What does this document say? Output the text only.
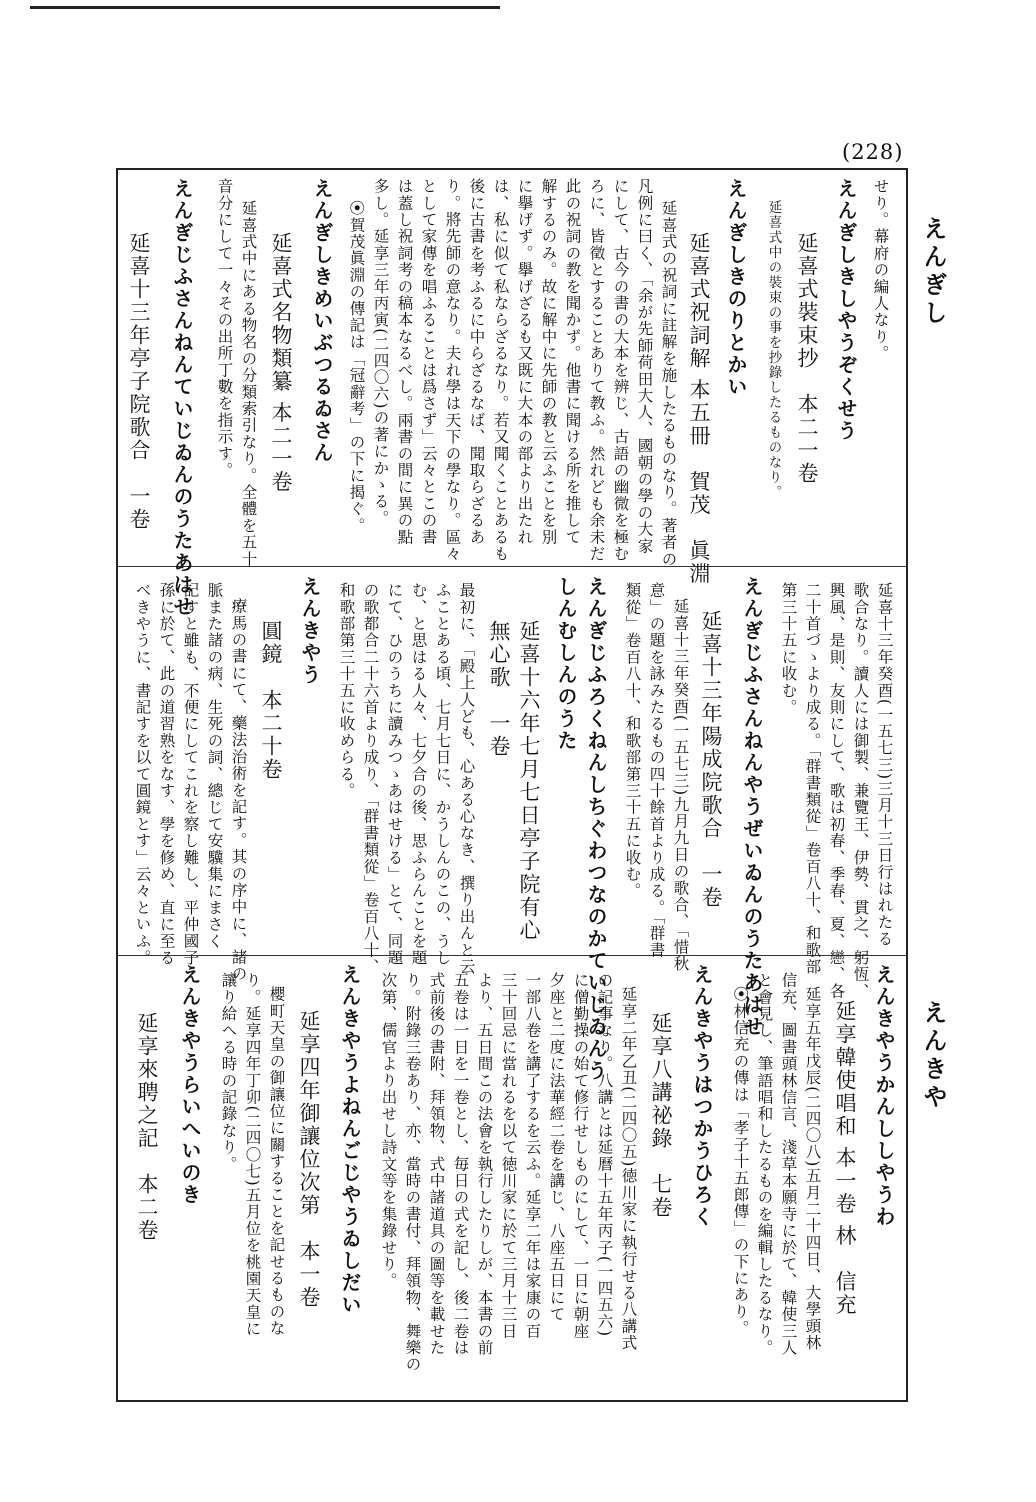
(228)
えんぎし
えんきや
せり。幕府の編人なり。
えんぎしきしやうぞくせう
延喜式裝束抄　本二一卷
延喜式中の裝束の事を抄錄したるものなり。
えんぎしきのりとかい
延喜式祝詞解 本五冊　賀茂　眞淵
延喜式の祝詞に註解を施したるものなり。著者の
凡例に曰く、「余が先師荷田大人、國朝の學の大家
にして、古今の書の大本を辨じ、古語の幽微を極む
ろに、皆徵とすることありて教ふ。然れども余未だ
此の祝詞の教を聞かず。他書に聞ける所を推して
解するのみ。故に解中に先師の教と云ふことを別
に擧げず。擧げざるも又既に大本の部より出たれ
は、私に似て私ならざるなり。若又聞くことあるも
後に古書を考ふるに中らざるなば、聞取らざるあ
り。將先師の意なり。夫れ學は天下の學なり。區々
として家傳を唱ふることは爲さず」云々とこの書
は蓋し祝詞考の稿本なるべし。兩書の間に異の點
多し。延享三年丙寅(二四〇六)の著にかゝる。
⦿賀茂眞淵の傳記は「冠辭考」の下に揭ぐ。
えんぎしきめいぶつるゐさん
延喜式名物類纂 本二一卷
延喜式中にある物名の分類索引なり。全體を五十
音分にして一々その出所丁數を指示す。
えんぎじふさんねんていじゐんのうたあはせ
延喜十三年亭子院歌合　一卷
延喜十三年癸酉(一五七三)三月十三日行はれたる
歌合なり。讀人には御製、兼覽王、伊勢、貫之、躬恆、
興風、是則、友則にして、歌は初春、季春、夏、戀、各
二十首づゝより成る。「群書類從」卷百八十、和歌部
第三十五に收む。
えんぎじふさんねんやうぜいゐんのうたあはせ
延喜十三年陽成院歌合　一卷
延喜十三年癸酉(一五七三)九月九日の歌合、「惜秋
意」の題を詠みたるもの四十餘首より成る。「群書
類從」卷百八十、和歌部第三十五に收む。
えんぎじふろくねんしちぐわつなのかていじゐんう
しんむしんのうた
延喜十六年七月七日亭子院有心
無心歌　一卷
最初に、「殿上人ども、心ある心なき、撰り出んと云
ふことある頃、七月七日に、かうしんのこの、うし
む、と思はる人々、七夕合の後、思ふらんことを題
にて、ひのうちに讀みつゝあはせける」とて、同題
の歌都合二十六首より成り、「群書類從」卷百八十、
和歌部第三十五に收めらる。
えんきやう
圓鏡　本二十卷
療馬の書にて、藥法治術を記す。其の序中に、諸の
脈また諸の病、生死の詞、總じて安驥集にまさく
記すと雖も、不便にしてこれを察し難し、平仲國子
孫に於て、此の道習熟をなす、學を修め、直に至る
べきやうに、書記すを以て圓鏡とす」云々といふ。
えんきやうかんししやうわ
延享韓使唱和 本一卷 林　信充
延享五年戊辰(二四〇八)五月二十四日、大學頭林
信充、圖書頭林信言、淺草本願寺に於て、韓使三人
と會見し、筆語唱和したるものを編輯したるなり。
⦿林信充の傳は「孝子十五郎傳」の下にあり。
えんきやうはつかうひろく
延享八講祕錄　七卷
延享二年乙丑(二四〇五)徳川家に執行せる八講式
の記事なり。八講とは延曆十五年丙子(一四五六)
に僧勤操の始て修行せしものにして、一日に朝座
夕座と二度に法華經二卷を講じ、八座五日にて
一部八卷を講了するを云ふ。延享二年は家康の百
三十回忌に當れるを以て徳川家に於て三月十三日
より、五日間この法會を執行したりしが、本書の前
五卷は一日を一卷とし、毎日の式を記し、後二卷は
式前後の書附、拜領物、式中諸道具の圖等を載せた
り。附錄三卷あり、亦、當時の書付、拜領物、舞樂の
次第、儒官より出せし詩文等を集錄せり。
えんきやうよねんごじやうゐしだい
延享四年御讓位次第　本一卷
櫻町天皇の御讓位に關することを記せるものな
り。延享四年丁卯(二四〇七)五月位を桃園天皇に
讓り給へる時の記錄なり。
えんきやうらいへいのき
延享來聘之記　本二卷
